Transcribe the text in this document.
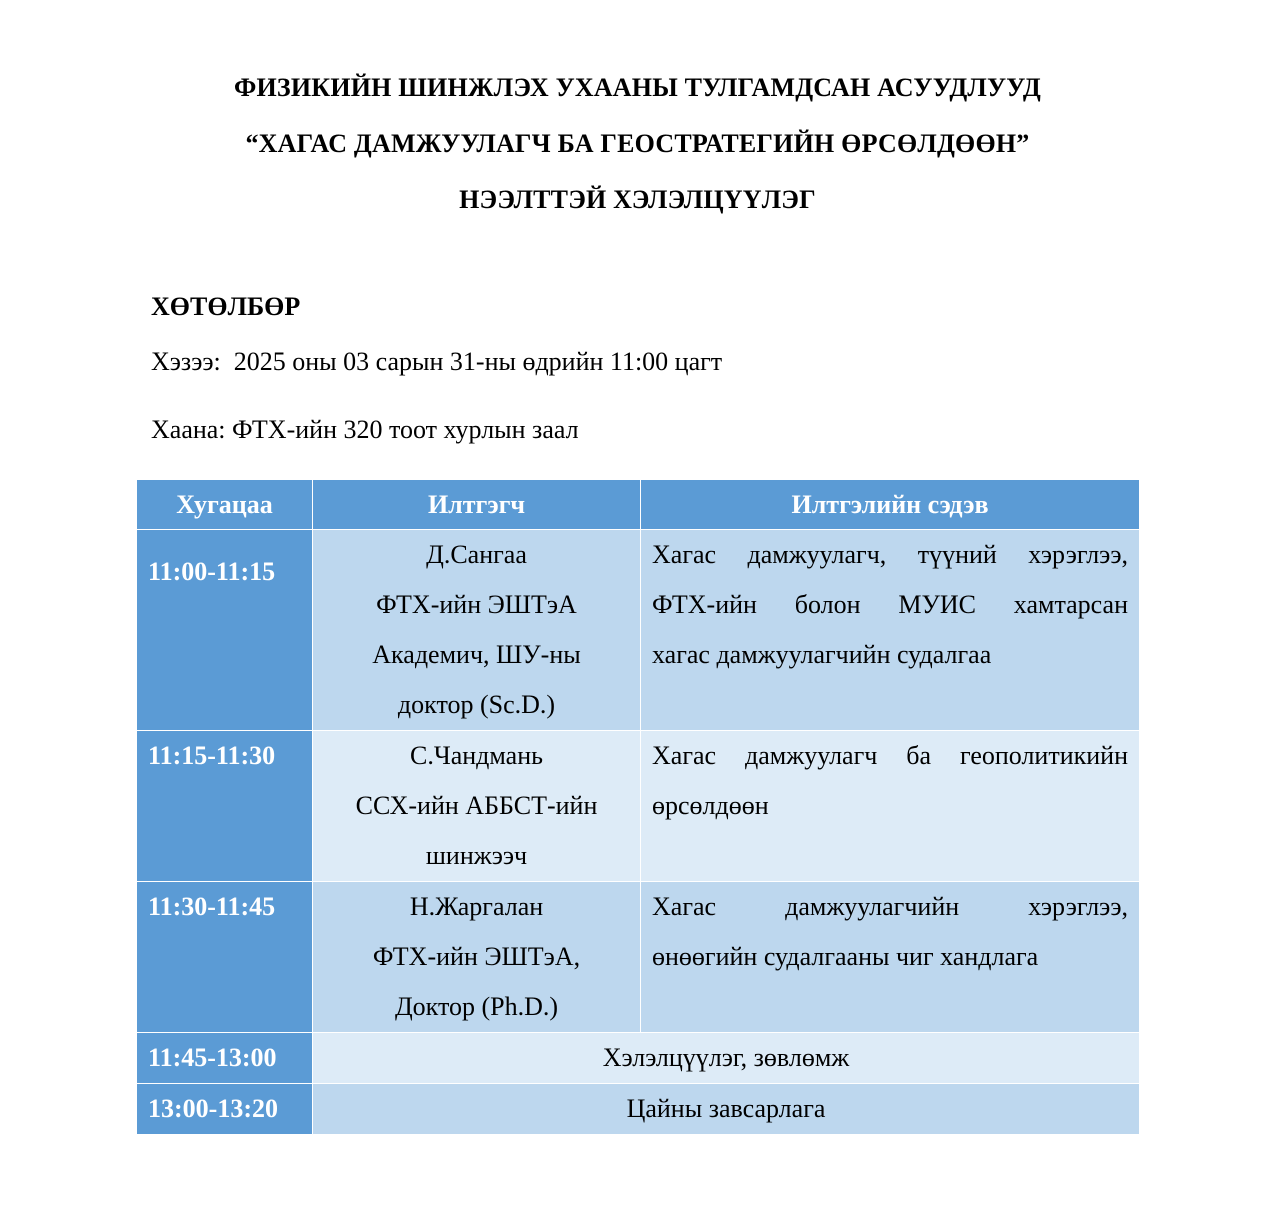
ФИЗИКИЙН ШИНЖЛЭХ УХААНЫ ТУЛГАМДСАН АСУУДЛУУД
“ХАГАС ДАМЖУУЛАГЧ БА ГЕОСТРАТЕГИЙН ӨРСӨЛДӨӨН”
НЭЭЛТТЭЙ ХЭЛЭЛЦҮҮЛЭГ
ХӨТӨЛБӨР
Хэзээ:  2025 оны 03 сарын 31-ны өдрийн 11:00 цагт
Хаана: ФТХ-ийн 320 тоот хурлын заал
Хугацаа	Илтгэгч	Илтгэлийн сэдэв
11:00-11:15	Д.Сангаа
ФТХ-ийн ЭШТэА
Академич, ШУ-ны
доктор (Sc.D.)	Хагас дамжуулагч, түүний хэрэглээ,
ФТХ-ийн болон МУИС хамтарсан
хагас дамжуулагчийн судалгаа

11:15-11:30	С.Чандмань
ССХ-ийн АББСТ-ийн
шинжээч	Хагас дамжуулагч ба геополитикийн
өрсөлдөөн

11:30-11:45	Н.Жаргалан
ФТХ-ийн ЭШТэА,
Доктор (Ph.D.)	Хагас дамжуулагчийн хэрэглээ,
өнөөгийн судалгааны чиг хандлага

11:45-13:00	Хэлэлцүүлэг, зөвлөмж	
13:00-13:20	Цайны завсарлага	
